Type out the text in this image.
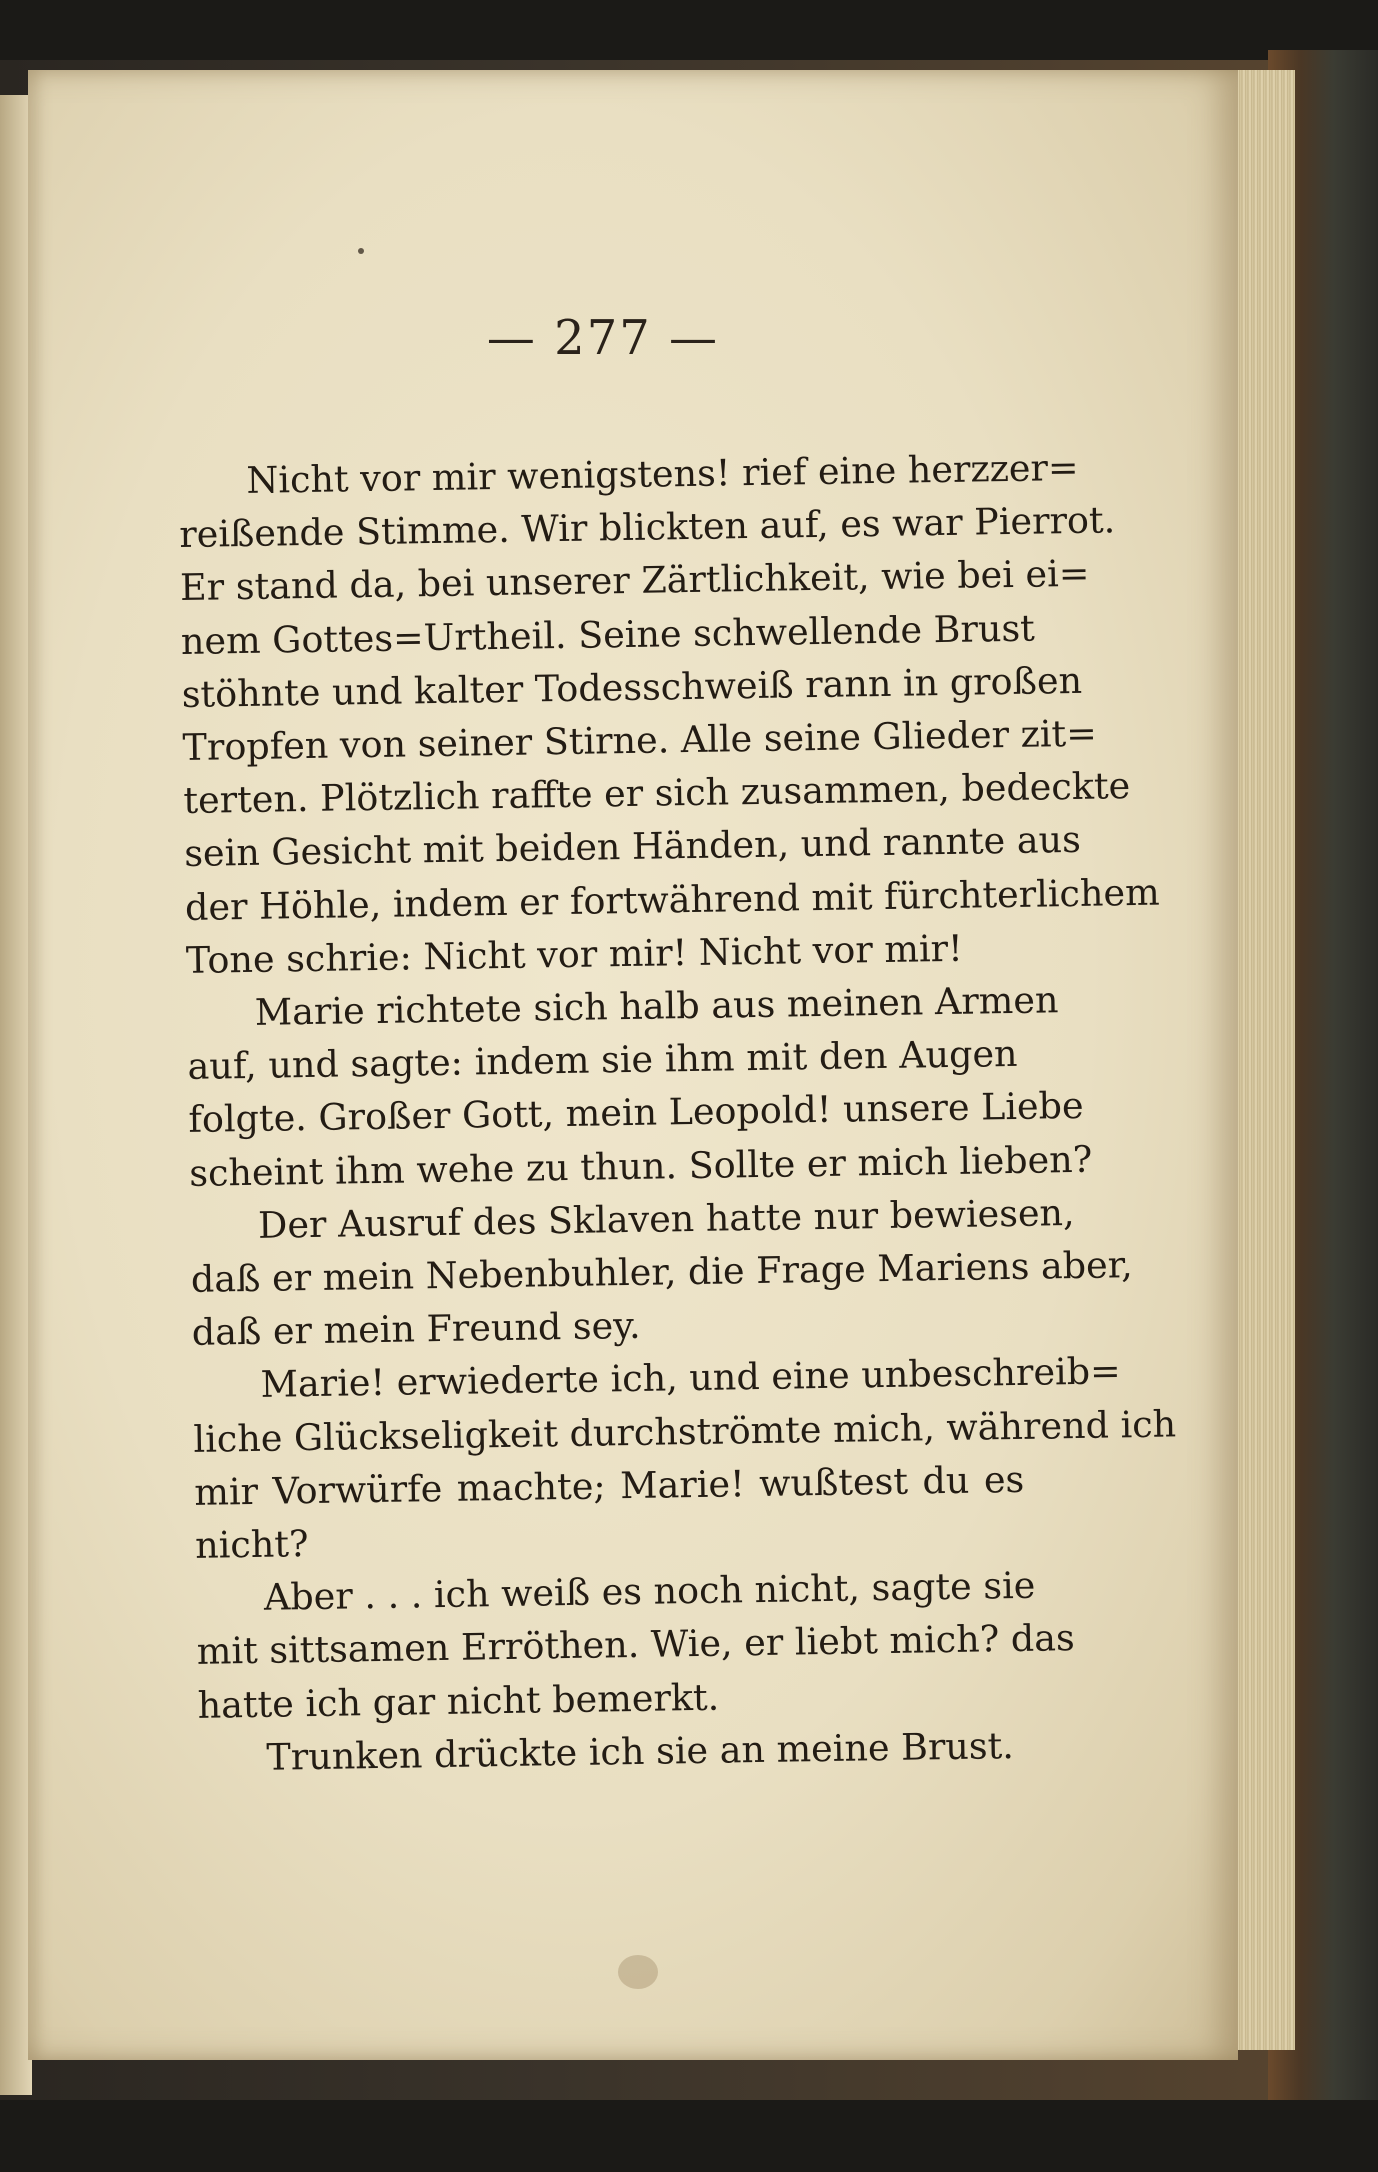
— 277 —
Nicht vor mir wenigstens! rief eine herzzer=
reißende Stimme. Wir blickten auf, es war Pierrot.
Er stand da, bei unserer Zärtlichkeit, wie bei ei=
nem Gottes=Urtheil. Seine schwellende Brust
stöhnte und kalter Todesschweiß rann in großen
Tropfen von seiner Stirne. Alle seine Glieder zit=
terten. Plötzlich raffte er sich zusammen, bedeckte
sein Gesicht mit beiden Händen, und rannte aus
der Höhle, indem er fortwährend mit fürchterlichem
Tone schrie: Nicht vor mir! Nicht vor mir!
Marie richtete sich halb aus meinen Armen
auf, und sagte: indem sie ihm mit den Augen
folgte. Großer Gott, mein Leopold! unsere Liebe
scheint ihm wehe zu thun. Sollte er mich lieben?
Der Ausruf des Sklaven hatte nur bewiesen,
daß er mein Nebenbuhler, die Frage Mariens aber,
daß er mein Freund sey.
Marie! erwiederte ich, und eine unbeschreib=
liche Glückseligkeit durchströmte mich, während ich
mir Vorwürfe machte; Marie! wußtest du es
nicht?
Aber . . . ich weiß es noch nicht, sagte sie
mit sittsamen Erröthen. Wie, er liebt mich? das
hatte ich gar nicht bemerkt.
Trunken drückte ich sie an meine Brust.
